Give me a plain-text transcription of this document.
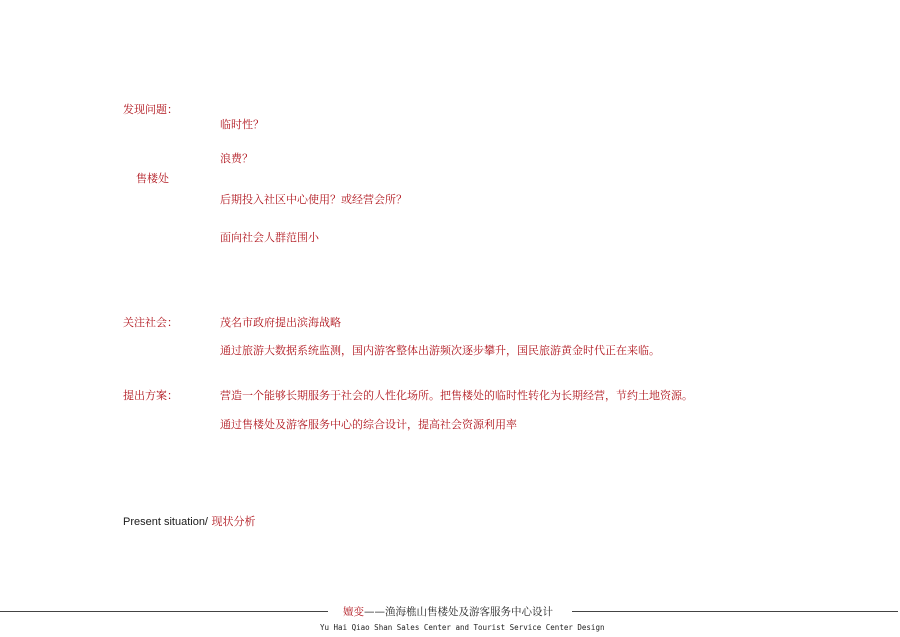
发现问题：
临时性？
浪费？
售楼处
后期投入社区中心使用？或经营会所？
面向社会人群范围小
关注社会：	茂名市政府提出滨海战略
通过旅游大数据系统监测，国内游客整体出游频次逐步攀升，国民旅游黄金时代正在来临。
提出方案：	营造一个能够长期服务于社会的人性化场所。把售楼处的临时性转化为长期经营，节约土地资源。
通过售楼处及游客服务中心的综合设计，提高社会资源利用率
Present situation/ 现状分析
嬗变——渔海樵山售楼处及游客服务中心设计
Yu Hai Qiao Shan Sales Center and Tourist Service Center Design
